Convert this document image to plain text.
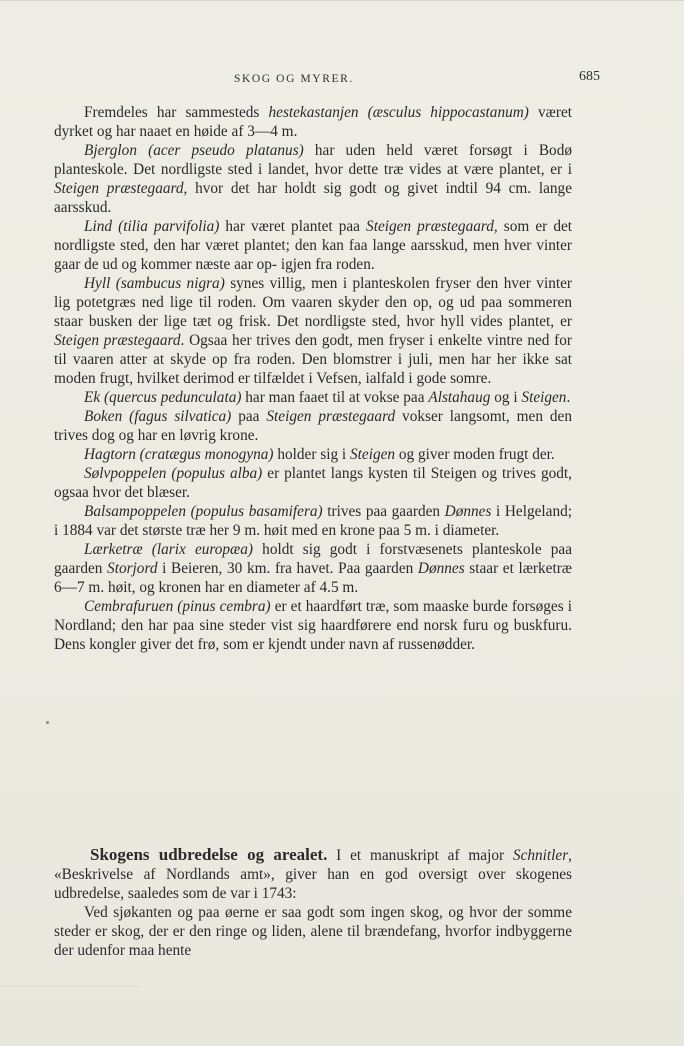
SKOG OG MYRER.	685

Fremdeles har sammesteds hestekastanjen (æsculus hippocastanum) været dyrket og har naaet en høide af 3—4 m.

Bjerglon (acer pseudo platanus) har uden held været forsøgt i Bodø planteskole. Det nordligste sted i landet, hvor dette træ vides at være plantet, er i Steigen præstegaard, hvor det har holdt sig godt og givet indtil 94 cm. lange aarsskud.

Lind (tilia parvifolia) har været plantet paa Steigen præstegaard, som er det nordligste sted, den har været plantet; den kan faa lange aarsskud, men hver vinter gaar de ud og kommer næste aar op- igjen fra roden.

Hyll (sambucus nigra) synes villig, men i planteskolen fryser den hver vinter lig potetgræs ned lige til roden. Om vaaren skyder den op, og ud paa sommeren staar busken der lige tæt og frisk. Det nordligste sted, hvor hyll vides plantet, er Steigen præstegaard. Ogsaa her trives den godt, men fryser i enkelte vintre ned for til vaaren atter at skyde op fra roden. Den blomstrer i juli, men har her ikke sat moden frugt, hvilket derimod er tilfældet i Vefsen, ialfald i gode somre.

Ek (quercus pedunculata) har man faaet til at vokse paa Alstahaug og i Steigen.

Boken (fagus silvatica) paa Steigen præstegaard vokser langsomt, men den trives dog og har en løvrig krone.

Hagtorn (cratægus monogyna) holder sig i Steigen og giver moden frugt der.

Sølvpoppelen (populus alba) er plantet langs kysten til Steigen og trives godt, ogsaa hvor det blæser.

Balsampoppelen (populus basamifera) trives paa gaarden Dønnes i Helgeland; i 1884 var det største træ her 9 m. høit med en krone paa 5 m. i diameter.

Lærketræ (larix europæa) holdt sig godt i forstvæsenets planteskole paa gaarden Storjord i Beieren, 30 km. fra havet. Paa gaarden Dønnes staar et lærketræ 6—7 m. høit, og kronen har en diameter af 4.5 m.

Cembrafuruen (pinus cembra) er et haardført træ, som maaske burde forsøges i Nordland; den har paa sine steder vist sig haardførere end norsk furu og buskfuru. Dens kongler giver det frø, som er kjendt under navn af russenødder.

Skogens udbredelse og arealet. I et manuskript af major Schnitler, «Beskrivelse af Nordlands amt», giver han en god oversigt over skogenes udbredelse, saaledes som de var i 1743:

Ved sjøkanten og paa øerne er saa godt som ingen skog, og hvor der somme steder er skog, der er den ringe og liden, alene til brændefang, hvorfor indbyggerne der udenfor maa hente
